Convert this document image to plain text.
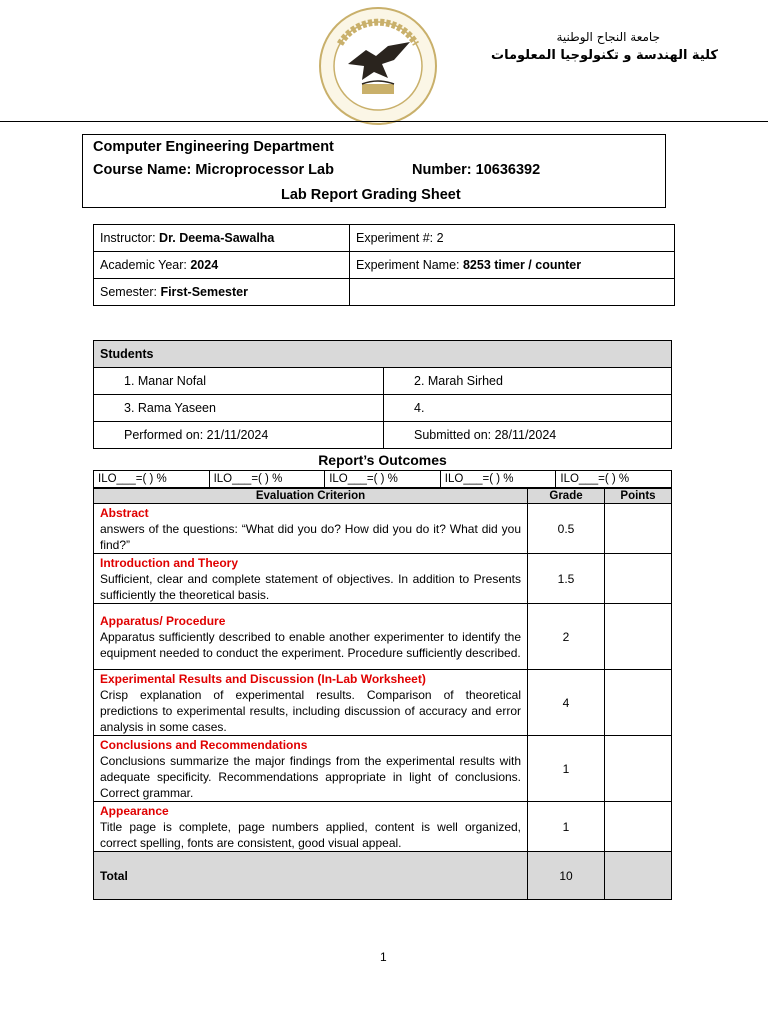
جامعة النجاح الوطنية
كلية الهندسة و تكنولوجيا المعلومات
Computer Engineering Department
Course Name: Microprocessor Lab	Number: 10636392
Lab Report Grading Sheet
Instructor: Dr. Deema-Sawalha	Experiment #: 2
Academic Year: 2024	Experiment Name: 8253 timer / counter
Semester: First-Semester	
Students	
1. Manar Nofal	2. Marah Sirhed
3. Rama Yaseen	4.
Performed on: 21/11/2024	Submitted on: 28/11/2024
Report’s Outcomes
ILO___=( ) %	ILO___=( ) %	ILO___=( ) %	ILO___=( ) %	ILO___=( ) %
Evaluation Criterion	Grade	Points

Abstract
answers of the questions: “What did you do? How did you do it? What did you find?”	0.5	

Introduction and Theory
Sufficient, clear and complete statement of objectives. In addition to Presents sufficiently the theoretical basis.	1.5	

Apparatus/ Procedure
Apparatus sufficiently described to enable another experimenter to identify the equipment needed to conduct the experiment. Procedure sufficiently described.	2	

Experimental Results and Discussion (In-Lab Worksheet)
Crisp explanation of experimental results. Comparison of theoretical predictions to experimental results, including discussion of accuracy and error analysis in some cases.	4	

Conclusions and Recommendations
Conclusions summarize the major findings from the experimental results with adequate specificity. Recommendations appropriate in light of conclusions. Correct grammar.	1	

Appearance
Title page is complete, page numbers applied, content is well organized, correct spelling, fonts are consistent, good visual appeal.	1	
Total	10	
1
